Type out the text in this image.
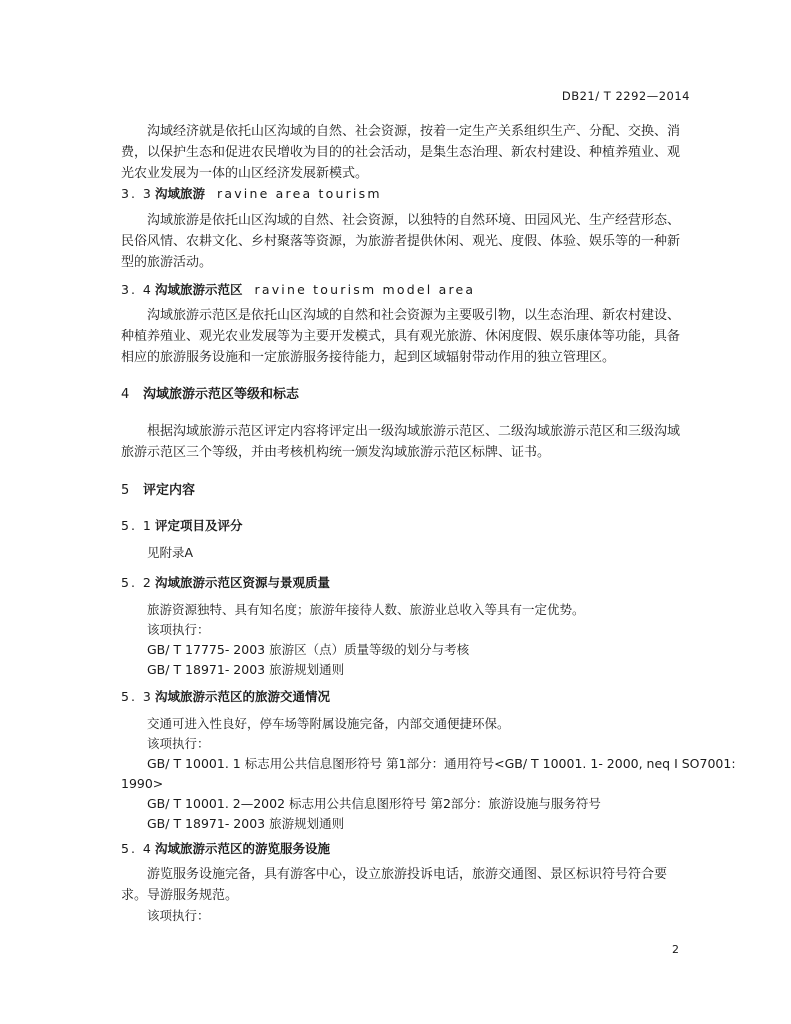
DB21/ T 2292—2014

沟域经济就是依托山区沟域的自然、社会资源，按着一定生产关系组织生产、分配、交换、消费，以保护生态和促进农民增收为目的的社会活动，是集生态治理、新农村建设、种植养殖业、观光农业发展为一体的山区经济发展新模式。

3. 3 沟域旅游 ravine area tourism

沟域旅游是依托山区沟域的自然、社会资源，以独特的自然环境、田园风光、生产经营形态、民俗风情、农耕文化、乡村聚落等资源，为旅游者提供休闲、观光、度假、体验、娱乐等的一种新型的旅游活动。

3. 4 沟域旅游示范区 ravine tourism model area

沟域旅游示范区是依托山区沟域的自然和社会资源为主要吸引物，以生态治理、新农村建设、种植养殖业、观光农业发展等为主要开发模式，具有观光旅游、休闲度假、娱乐康体等功能，具备相应的旅游服务设施和一定旅游服务接待能力，起到区域辐射带动作用的独立管理区。

4 沟域旅游示范区等级和标志

根据沟域旅游示范区评定内容将评定出一级沟域旅游示范区、二级沟域旅游示范区和三级沟域旅游示范区三个等级，并由考核机构统一颁发沟域旅游示范区标牌、证书。

5 评定内容
5. 1 评定项目及评分
见附录A
5. 2 沟域旅游示范区资源与景观质量
旅游资源独特、具有知名度；旅游年接待人数、旅游业总收入等具有一定优势。
该项执行：
GB/ T 17775- 2003 旅游区（点）质量等级的划分与考核
GB/ T 18971- 2003 旅游规划通则
5. 3 沟域旅游示范区的旅游交通情况
交通可进入性良好，停车场等附属设施完备，内部交通便捷环保。
该项执行：
GB/ T 10001. 1 标志用公共信息图形符号 第1部分：通用符号<GB/ T 10001. 1- 2000, neq I SO7001:
1990>
GB/ T 10001. 2—2002 标志用公共信息图形符号 第2部分：旅游设施与服务符号
GB/ T 18971- 2003 旅游规划通则
5. 4 沟域旅游示范区的游览服务设施

游览服务设施完备，具有游客中心，设立旅游投诉电话，旅游交通图、景区标识符号符合要求。导游服务规范。

该项执行：
2
